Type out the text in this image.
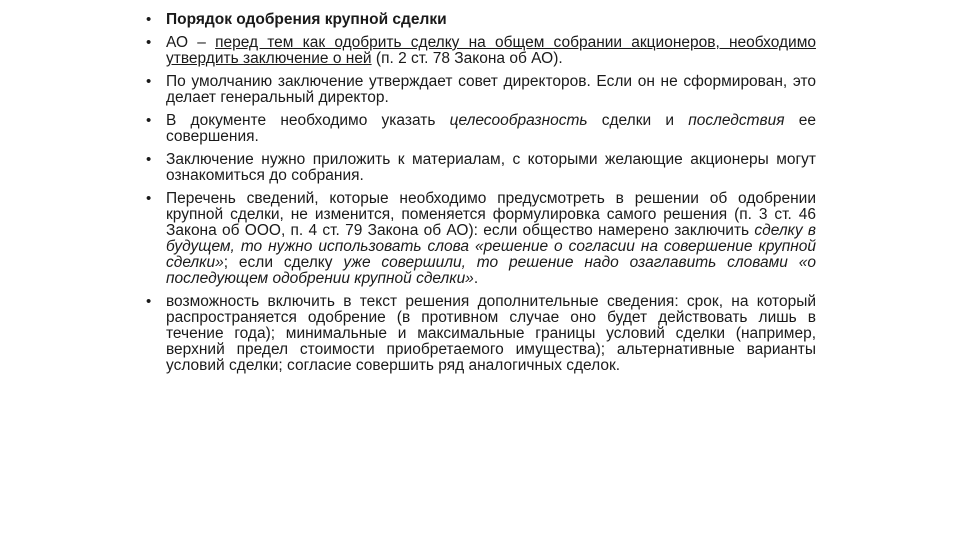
• Порядок одобрения крупной сделки
• АО – перед тем как одобрить сделку на общем собрании акционеров, необходимо утвердить заключение о ней (п. 2 ст. 78 Закона об АО).
• По умолчанию заключение утверждает совет директоров. Если он не сформирован, это делает генеральный директор.
• В документе необходимо указать целесообразность сделки и последствия ее совершения.
• Заключение нужно приложить к материалам, с которыми желающие акционеры могут ознакомиться до собрания.
• Перечень сведений, которые необходимо предусмотреть в решении об одобрении крупной сделки, не изменится, поменяется формулировка самого решения (п. 3 ст. 46 Закона об ООО, п. 4 ст. 79 Закона об АО): если общество намерено заключить сделку в будущем, то нужно использовать слова «решение о согласии на совершение крупной сделки»; если сделку уже совершили, то решение надо озаглавить словами «о последующем одобрении крупной сделки».
• возможность включить в текст решения дополнительные сведения: срок, на который распространяется одобрение (в противном случае оно будет действовать лишь в течение года); минимальные и максимальные границы условий сделки (например, верхний предел стоимости приобретаемого имущества); альтернативные варианты условий сделки; согласие совершить ряд аналогичных сделок.
